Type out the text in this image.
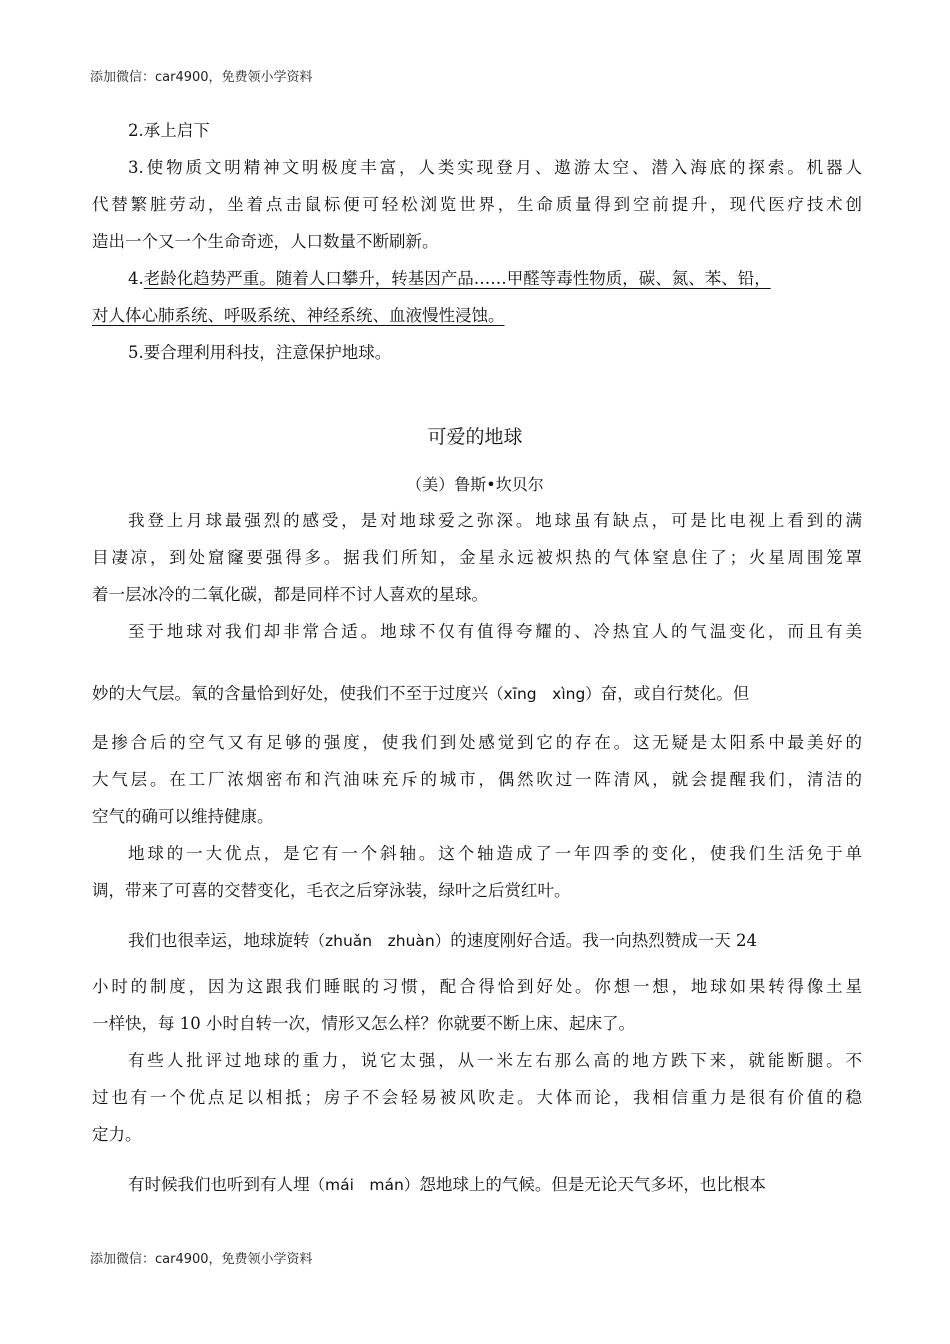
添加微信：car4900，免费领小学资料
2.承上启下
3.使物质文明精神文明极度丰富，人类实现登月、遨游太空、潜入海底的探索。机器人
代替繁脏劳动，坐着点击鼠标便可轻松浏览世界，生命质量得到空前提升，现代医疗技术创
造出一个又一个生命奇迹，人口数量不断刷新。
4.老龄化趋势严重。随着人口攀升，转基因产品……甲醛等毒性物质，碳、氮、苯、铅，
对人体心肺系统、呼吸系统、神经系统、血液慢性浸蚀。
5.要合理利用科技，注意保护地球。
可爱的地球
（美）鲁斯•坎贝尔
我登上月球最强烈的感受，是对地球爱之弥深。地球虽有缺点，可是比电视上看到的满
目凄凉，到处窟窿要强得多。据我们所知，金星永远被炽热的气体窒息住了；火星周围笼罩
着一层冰冷的二氧化碳，都是同样不讨人喜欢的星球。
至于地球对我们却非常合适。地球不仅有值得夸耀的、冷热宜人的气温变化，而且有美
妙的大气层。氧的含量恰到好处，使我们不至于过度兴（xīng　xìng）奋，或自行焚化。但
是掺合后的空气又有足够的强度，使我们到处感觉到它的存在。这无疑是太阳系中最美好的
大气层。在工厂浓烟密布和汽油味充斥的城市，偶然吹过一阵清风，就会提醒我们，清洁的
空气的确可以维持健康。
地球的一大优点，是它有一个斜轴。这个轴造成了一年四季的变化，使我们生活免于单
调，带来了可喜的交替变化，毛衣之后穿泳装，绿叶之后赏红叶。
我们也很幸运，地球旋转（zhuǎn　zhuàn）的速度刚好合适。我一向热烈赞成一天 24
小时的制度，因为这跟我们睡眠的习惯，配合得恰到好处。你想一想，地球如果转得像土星
一样快，每 10 小时自转一次，情形又怎么样？你就要不断上床、起床了。
有些人批评过地球的重力，说它太强，从一米左右那么高的地方跌下来，就能断腿。不
过也有一个优点足以相抵；房子不会轻易被风吹走。大体而论，我相信重力是很有价值的稳
定力。
有时候我们也听到有人埋（mái　mán）怨地球上的气候。但是无论天气多坏，也比根本
添加微信：car4900，免费领小学资料
